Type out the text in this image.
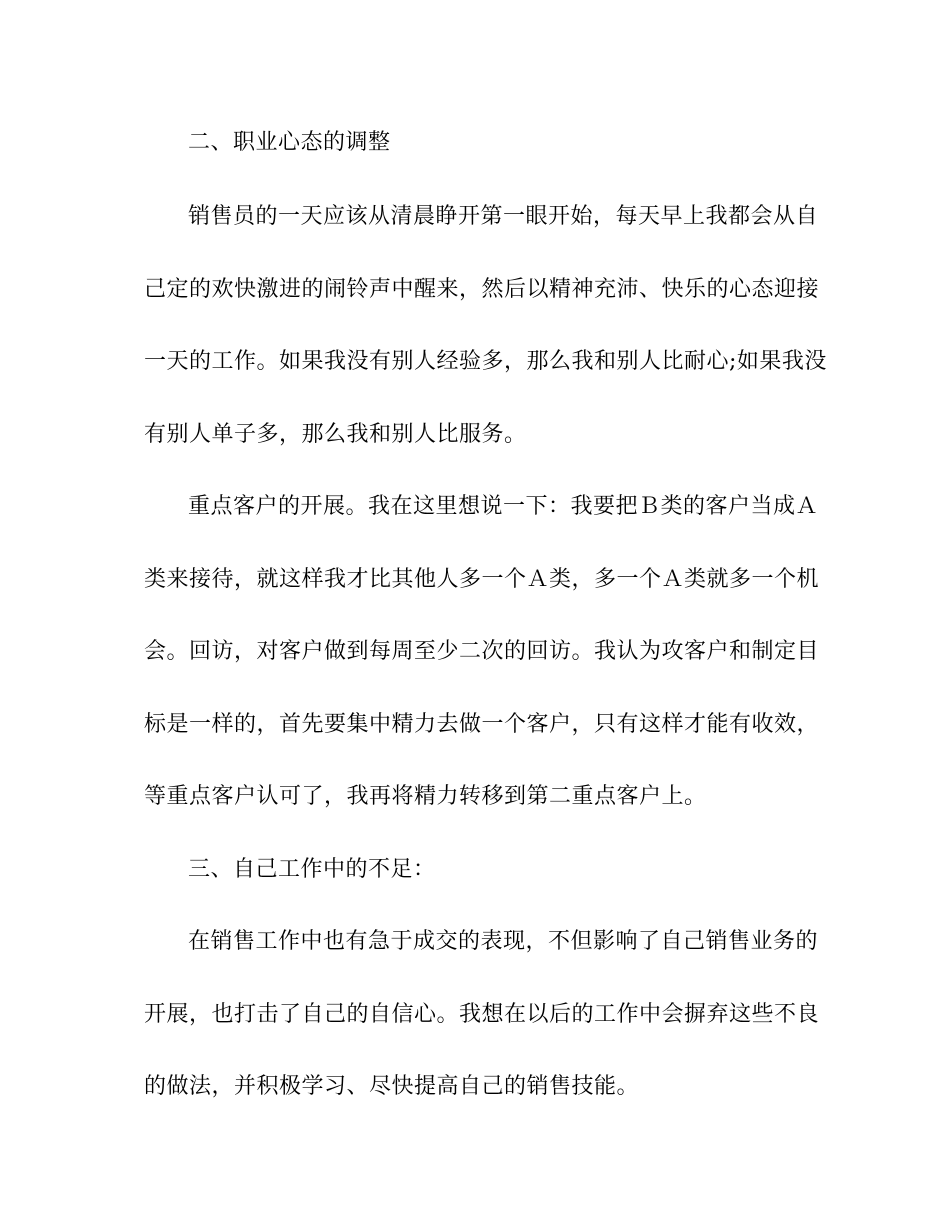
二、职业心态的调整
销售员的一天应该从清晨睁开第一眼开始，每天早上我都会从自
己定的欢快激进的闹铃声中醒来，然后以精神充沛、快乐的心态迎接
一天的工作。如果我没有别人经验多，那么我和别人比耐心;如果我没
有别人单子多，那么我和别人比服务。
重点客户的开展。我在这里想说一下：我要把Ｂ类的客户当成Ａ
类来接待，就这样我才比其他人多一个Ａ类，多一个Ａ类就多一个机
会。回访，对客户做到每周至少二次的回访。我认为攻客户和制定目
标是一样的，首先要集中精力去做一个客户，只有这样才能有收效，
等重点客户认可了，我再将精力转移到第二重点客户上。
三、自己工作中的不足：
在销售工作中也有急于成交的表现，不但影响了自己销售业务的
开展，也打击了自己的自信心。我想在以后的工作中会摒弃这些不良
的做法，并积极学习、尽快提高自己的销售技能。
